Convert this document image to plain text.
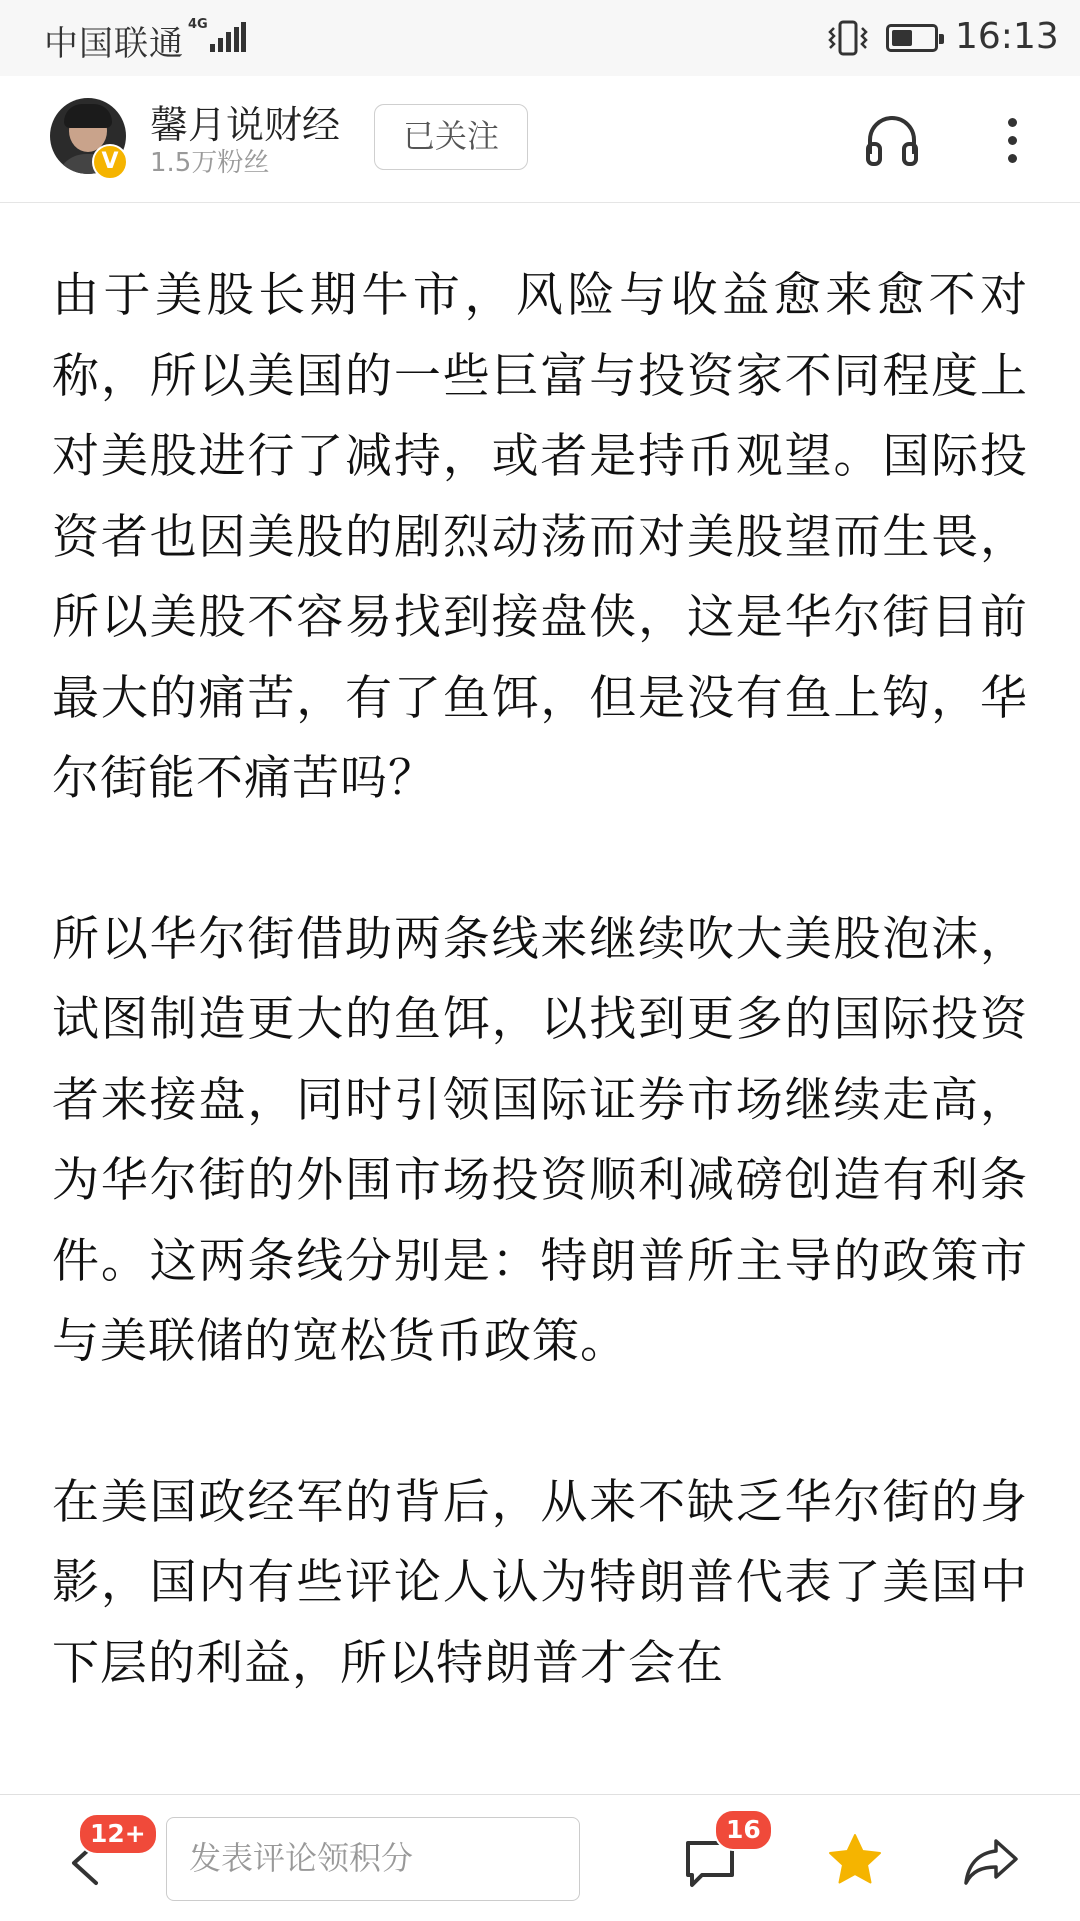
中国联通 4G	16:13
V
馨月说财经
1.5万粉丝
已关注

由于美股长期牛市，风险与收益愈来愈不对称，所以美国的一些巨富与投资家不同程度上对美股进行了减持，或者是持币观望。国际投资者也因美股的剧烈动荡而对美股望而生畏，所以美股不容易找到接盘侠，这是华尔街目前最大的痛苦，有了鱼饵，但是没有鱼上钩，华尔街能不痛苦吗？

所以华尔街借助两条线来继续吹大美股泡沫，试图制造更大的鱼饵，以找到更多的国际投资者来接盘，同时引领国际证券市场继续走高，为华尔街的外围市场投资顺利减磅创造有利条件。这两条线分别是：特朗普所主导的政策市与美联储的宽松货币政策。

在美国政经军的背后，从来不缺乏华尔街的身影，国内有些评论人认为特朗普代表了美国中下层的利益，所以特朗普才会在

12+
发表评论领积分
16
